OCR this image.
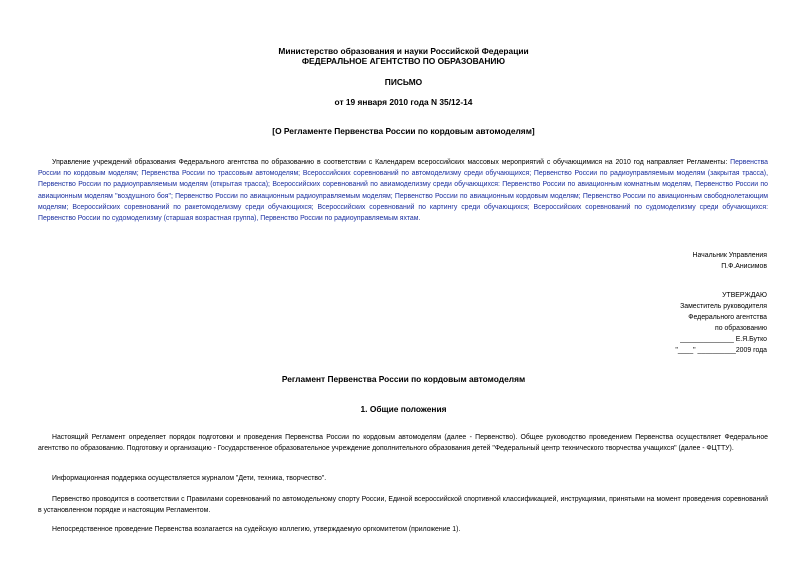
Министерство образования и науки Российской Федерации
ФЕДЕРАЛЬНОЕ АГЕНТСТВО ПО ОБРАЗОВАНИЮ
ПИСЬМО
от 19 января 2010 года N 35/12-14
[О Регламенте Первенства России по кордовым автомоделям]
Управление учреждений образования Федерального агентства по образованию в соответствии с Календарем всероссийских массовых мероприятий с обучающимися на 2010 год направляет Регламенты: Первенства России по кордовым моделям; Первенства России по трассовым автомоделям; Всероссийских соревнований по автомоделизму среди обучающихся; Первенство России по радиоуправляемым моделям (закрытая трасса), Первенство России по радиоуправляемым моделям (открытая трасса); Всероссийских соревнований по авиамоделизму среди обучающихся: Первенство России по авиационным комнатным моделям, Первенство России по авиационным моделям "воздушного боя"; Первенство России по авиационным радиоуправляемым моделям; Первенство России по авиационным кордовым моделям; Первенство России по авиационным свободнолетающим моделям; Всероссийских соревнований по ракетомоделизму среди обучающихся; Всероссийских соревнований по картингу среди обучающихся; Всероссийских соревнований по судомоделизму среди обучающихся: Первенство России по судомоделизму (старшая возрастная группа), Первенство России по радиоуправляемым яхтам.
Начальник Управления
П.Ф.Анисимов
УТВЕРЖДАЮ
Заместитель руководителя
Федерального агентства
по образованию
______________ Е.Я.Бутко
"____" __________2009 года
Регламент Первенства России по кордовым автомоделям
1. Общие положения
Настоящий Регламент определяет порядок подготовки и проведения Первенства России по кордовым автомоделям (далее - Первенство). Общее руководство проведением Первенства осуществляет Федеральное агентство по образованию. Подготовку и организацию - Государственное образовательное учреждение дополнительного образования детей "Федеральный центр технического творчества учащихся" (далее - ФЦТТУ).
Информационная поддержка осуществляется журналом "Дети, техника, творчество".
Первенство проводится в соответствии с Правилами соревнований по автомодельному спорту России, Единой всероссийской спортивной классификацией, инструкциями, принятыми на момент проведения соревнований в установленном порядке и настоящим Регламентом.
Непосредственное проведение Первенства возлагается на судейскую коллегию, утверждаемую оргкомитетом (приложение 1).
